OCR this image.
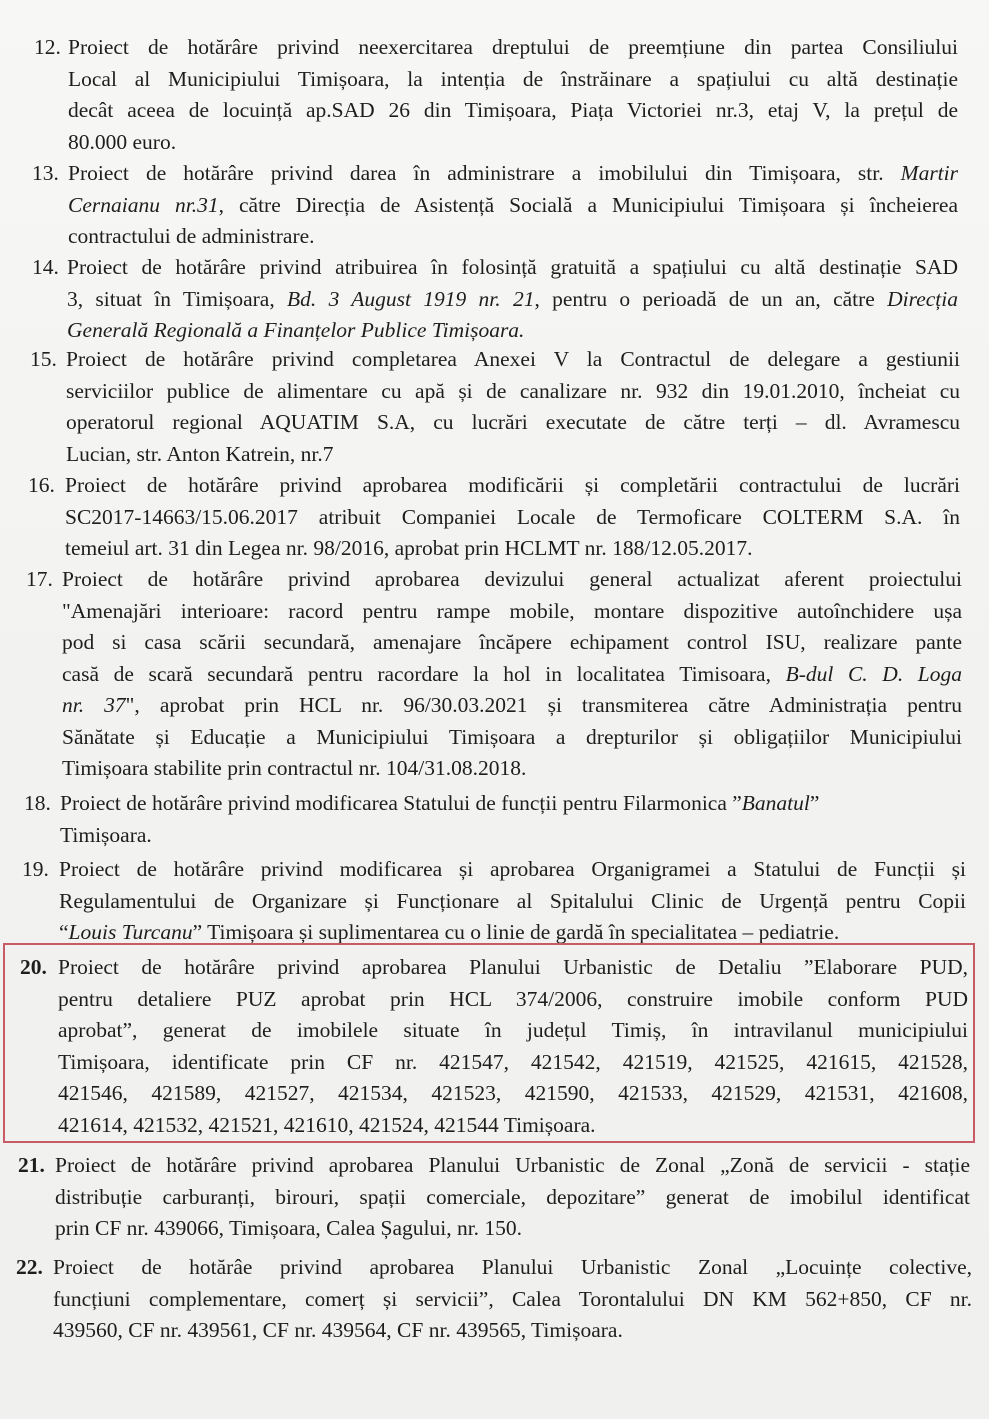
12. Proiect de hotărâre privind neexercitarea dreptului de preemțiune din partea Consiliului
Local al Municipiului Timișoara, la intenția de înstrăinare a spațiului cu altă destinație
decât aceea de locuință ap.SAD 26 din Timișoara, Piața Victoriei nr.3, etaj V, la prețul de
80.000 euro.
13. Proiect de hotărâre privind darea în administrare a imobilului din Timișoara, str. Martir
Cernaianu nr.31, către Direcția de Asistență Socială a Municipiului Timișoara și încheierea
contractului de administrare.
14. Proiect de hotărâre privind atribuirea în folosință gratuită a spațiului cu altă destinație SAD
3, situat în Timișoara, Bd. 3 August 1919 nr. 21, pentru o perioadă de un an, către Direcția
Generală Regională a Finanțelor Publice Timișoara.
15. Proiect de hotărâre privind completarea Anexei V la Contractul de delegare a gestiunii
serviciilor publice de alimentare cu apă și de canalizare nr. 932 din 19.01.2010, încheiat cu
operatorul regional AQUATIM S.A, cu lucrări executate de către terți – dl. Avramescu
Lucian, str. Anton Katrein, nr.7
16. Proiect de hotărâre privind aprobarea modificării și completării contractului de lucrări
SC2017-14663/15.06.2017 atribuit Companiei Locale de Termoficare COLTERM S.A. în
temeiul art. 31 din Legea nr. 98/2016, aprobat prin HCLMT nr. 188/12.05.2017.
17. Proiect de hotărâre privind aprobarea devizului general actualizat aferent proiectului
"Amenajări interioare: racord pentru rampe mobile, montare dispozitive autoînchidere ușa
pod si casa scării secundară, amenajare încăpere echipament control ISU, realizare pante
casă de scară secundară pentru racordare la hol in localitatea Timisoara, B-dul C. D. Loga
nr. 37", aprobat prin HCL nr. 96/30.03.2021 și transmiterea către Administrația pentru
Sănătate și Educație a Municipiului Timișoara a drepturilor și obligațiilor Municipiului
Timișoara stabilite prin contractul nr. 104/31.08.2018.
18. Proiect de hotărâre privind modificarea Statului de funcții pentru Filarmonica ”Banatul”
Timișoara.
19. Proiect de hotărâre privind modificarea și aprobarea Organigramei a Statului de Funcții și
Regulamentului de Organizare și Funcționare al Spitalului Clinic de Urgență pentru Copii
“Louis Turcanu” Timișoara și suplimentarea cu o linie de gardă în specialitatea – pediatrie.
20. Proiect de hotărâre privind aprobarea Planului Urbanistic de Detaliu ”Elaborare PUD,
pentru detaliere PUZ aprobat prin HCL 374/2006, construire imobile conform PUD
aprobat”, generat de imobilele situate în județul Timiș, în intravilanul municipiului
Timișoara, identificate prin CF nr. 421547, 421542, 421519, 421525, 421615, 421528,
421546, 421589, 421527, 421534, 421523, 421590, 421533, 421529, 421531, 421608,
421614, 421532, 421521, 421610, 421524, 421544 Timișoara.
21. Proiect de hotărâre privind aprobarea Planului Urbanistic de Zonal „Zonă de servicii - stație
distribuție carburanți, birouri, spații comerciale, depozitare” generat de imobilul identificat
prin CF nr. 439066, Timișoara, Calea Șagului, nr. 150.
22. Proiect de hotărâe privind aprobarea Planului Urbanistic Zonal „Locuințe colective,
funcțiuni complementare, comerț și servicii”, Calea Torontalului DN KM 562+850, CF nr.
439560, CF nr. 439561, CF nr. 439564, CF nr. 439565, Timișoara.
